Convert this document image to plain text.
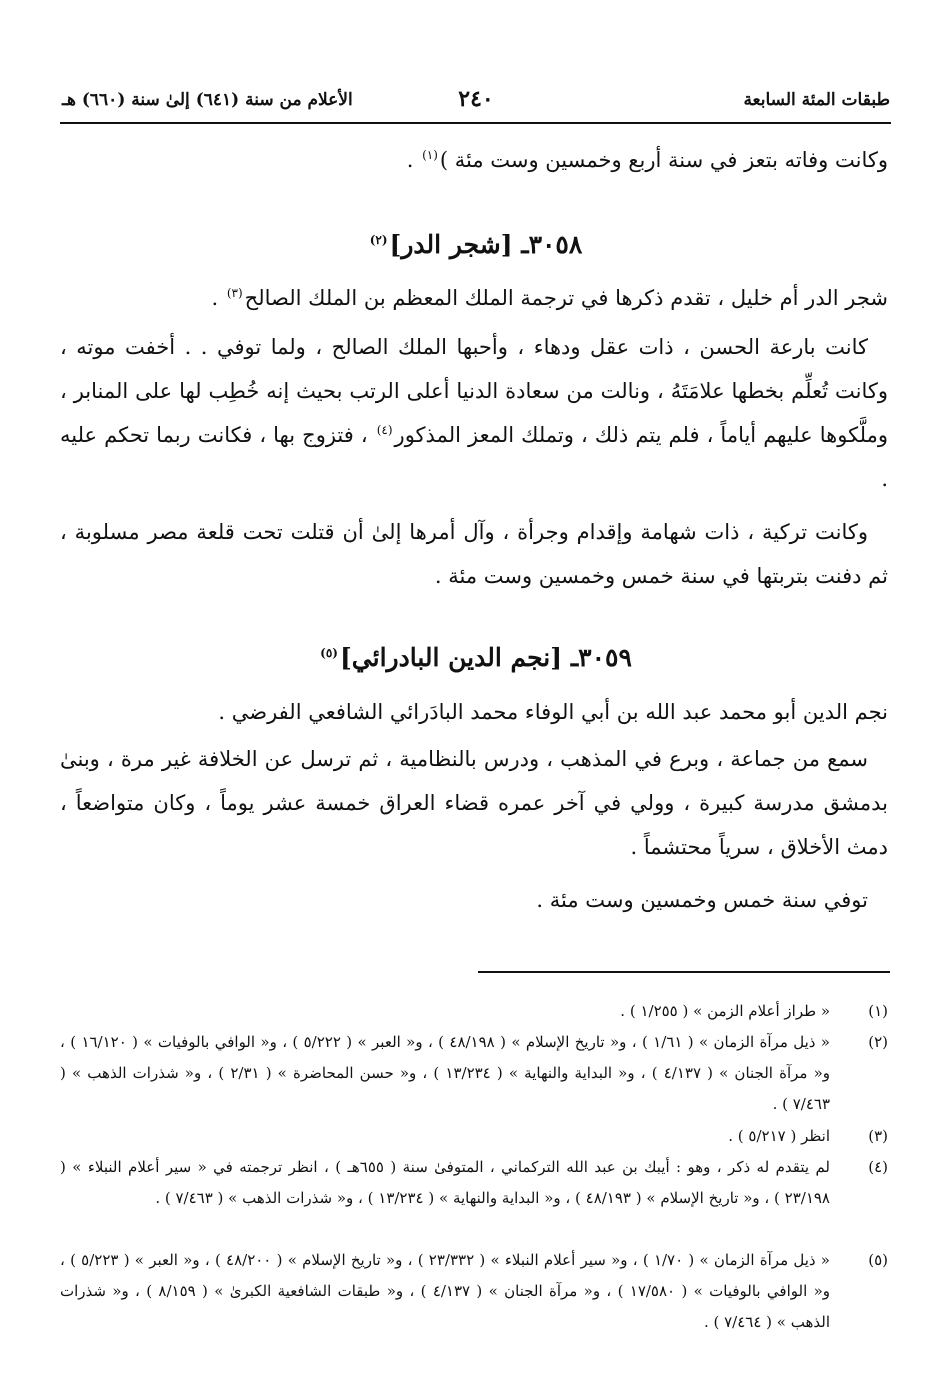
طبقات المئة السابعة
٢٤٠
الأعلام من سنة (٦٤١) إلىٰ سنة (٦٦٠) هـ
وكانت وفاته بتعز في سنة أربع وخمسين وست مئة )$^{(١)}$ .
٣٠٥٨ـ [شجر الدر]$^{(٢)}$
شجر الدر أم خليل ، تقدم ذكرها في ترجمة الملك المعظم بن الملك الصالح$^{(٣)}$ .
كانت بارعة الحسن ، ذات عقل ودهاء ، وأحبها الملك الصالح ، ولما توفي . . أخفت موته ، وكانت تُعلِّم بخطها علامَتَهُ ، ونالت من سعادة الدنيا أعلى الرتب بحيث إنه خُطِب لها على المنابر ، وملَّكوها عليهم أياماً ، فلم يتم ذلك ، وتملك المعز المذكور$^{(٤)}$ ، فتزوج بها ، فكانت ربما تحكم عليه .
وكانت تركية ، ذات شهامة وإقدام وجرأة ، وآل أمرها إلىٰ أن قتلت تحت قلعة مصر مسلوبة ، ثم دفنت بتربتها في سنة خمس وخمسين وست مئة .
٣٠٥٩ـ [نجم الدين البادرائي]$^{(٥)}$
نجم الدين أبو محمد عبد الله بن أبي الوفاء محمد البادَرائي الشافعي الفرضي .
سمع من جماعة ، وبرع في المذهب ، ودرس بالنظامية ، ثم ترسل عن الخلافة غير مرة ، وبنىٰ بدمشق مدرسة كبيرة ، وولي في آخر عمره قضاء العراق خمسة عشر يوماً ، وكان متواضعاً ، دمث الأخلاق ، سرياً محتشماً .
توفي سنة خمس وخمسين وست مئة .
(١)
« طراز أعلام الزمن » ( ١/٢٥٥ ) .
(٢)
« ذيل مرآة الزمان » ( ١/٦١ ) ، و« تاريخ الإسلام » ( ٤٨/١٩٨ ) ، و« العبر » ( ٥/٢٢٢ ) ، و« الوافي بالوفيات » ( ١٦/١٢٠ ) ، و« مرآة الجنان » ( ٤/١٣٧ ) ، و« البداية والنهاية » ( ١٣/٢٣٤ ) ، و« حسن المحاضرة » ( ٢/٣١ ) ، و« شذرات الذهب » ( ٧/٤٦٣ ) .
(٣)
انظر ( ٥/٢١٧ ) .
(٤)
لم يتقدم له ذكر ، وهو : أيبك بن عبد الله التركماني ، المتوفىٰ سنة ( ٦٥٥هـ ) ، انظر ترجمته في « سير أعلام النبلاء » ( ٢٣/١٩٨ ) ، و« تاريخ الإسلام » ( ٤٨/١٩٣ ) ، و« البداية والنهاية » ( ١٣/٢٣٤ ) ، و« شذرات الذهب » ( ٧/٤٦٣ ) .
(٥)
« ذيل مرآة الزمان » ( ١/٧٠ ) ، و« سير أعلام النبلاء » ( ٢٣/٣٣٢ ) ، و« تاريخ الإسلام » ( ٤٨/٢٠٠ ) ، و« العبر » ( ٥/٢٢٣ ) ، و« الوافي بالوفيات » ( ١٧/٥٨٠ ) ، و« مرآة الجنان » ( ٤/١٣٧ ) ، و« طبقات الشافعية الكبرىٰ » ( ٨/١٥٩ ) ، و« شذرات الذهب » ( ٧/٤٦٤ ) .
